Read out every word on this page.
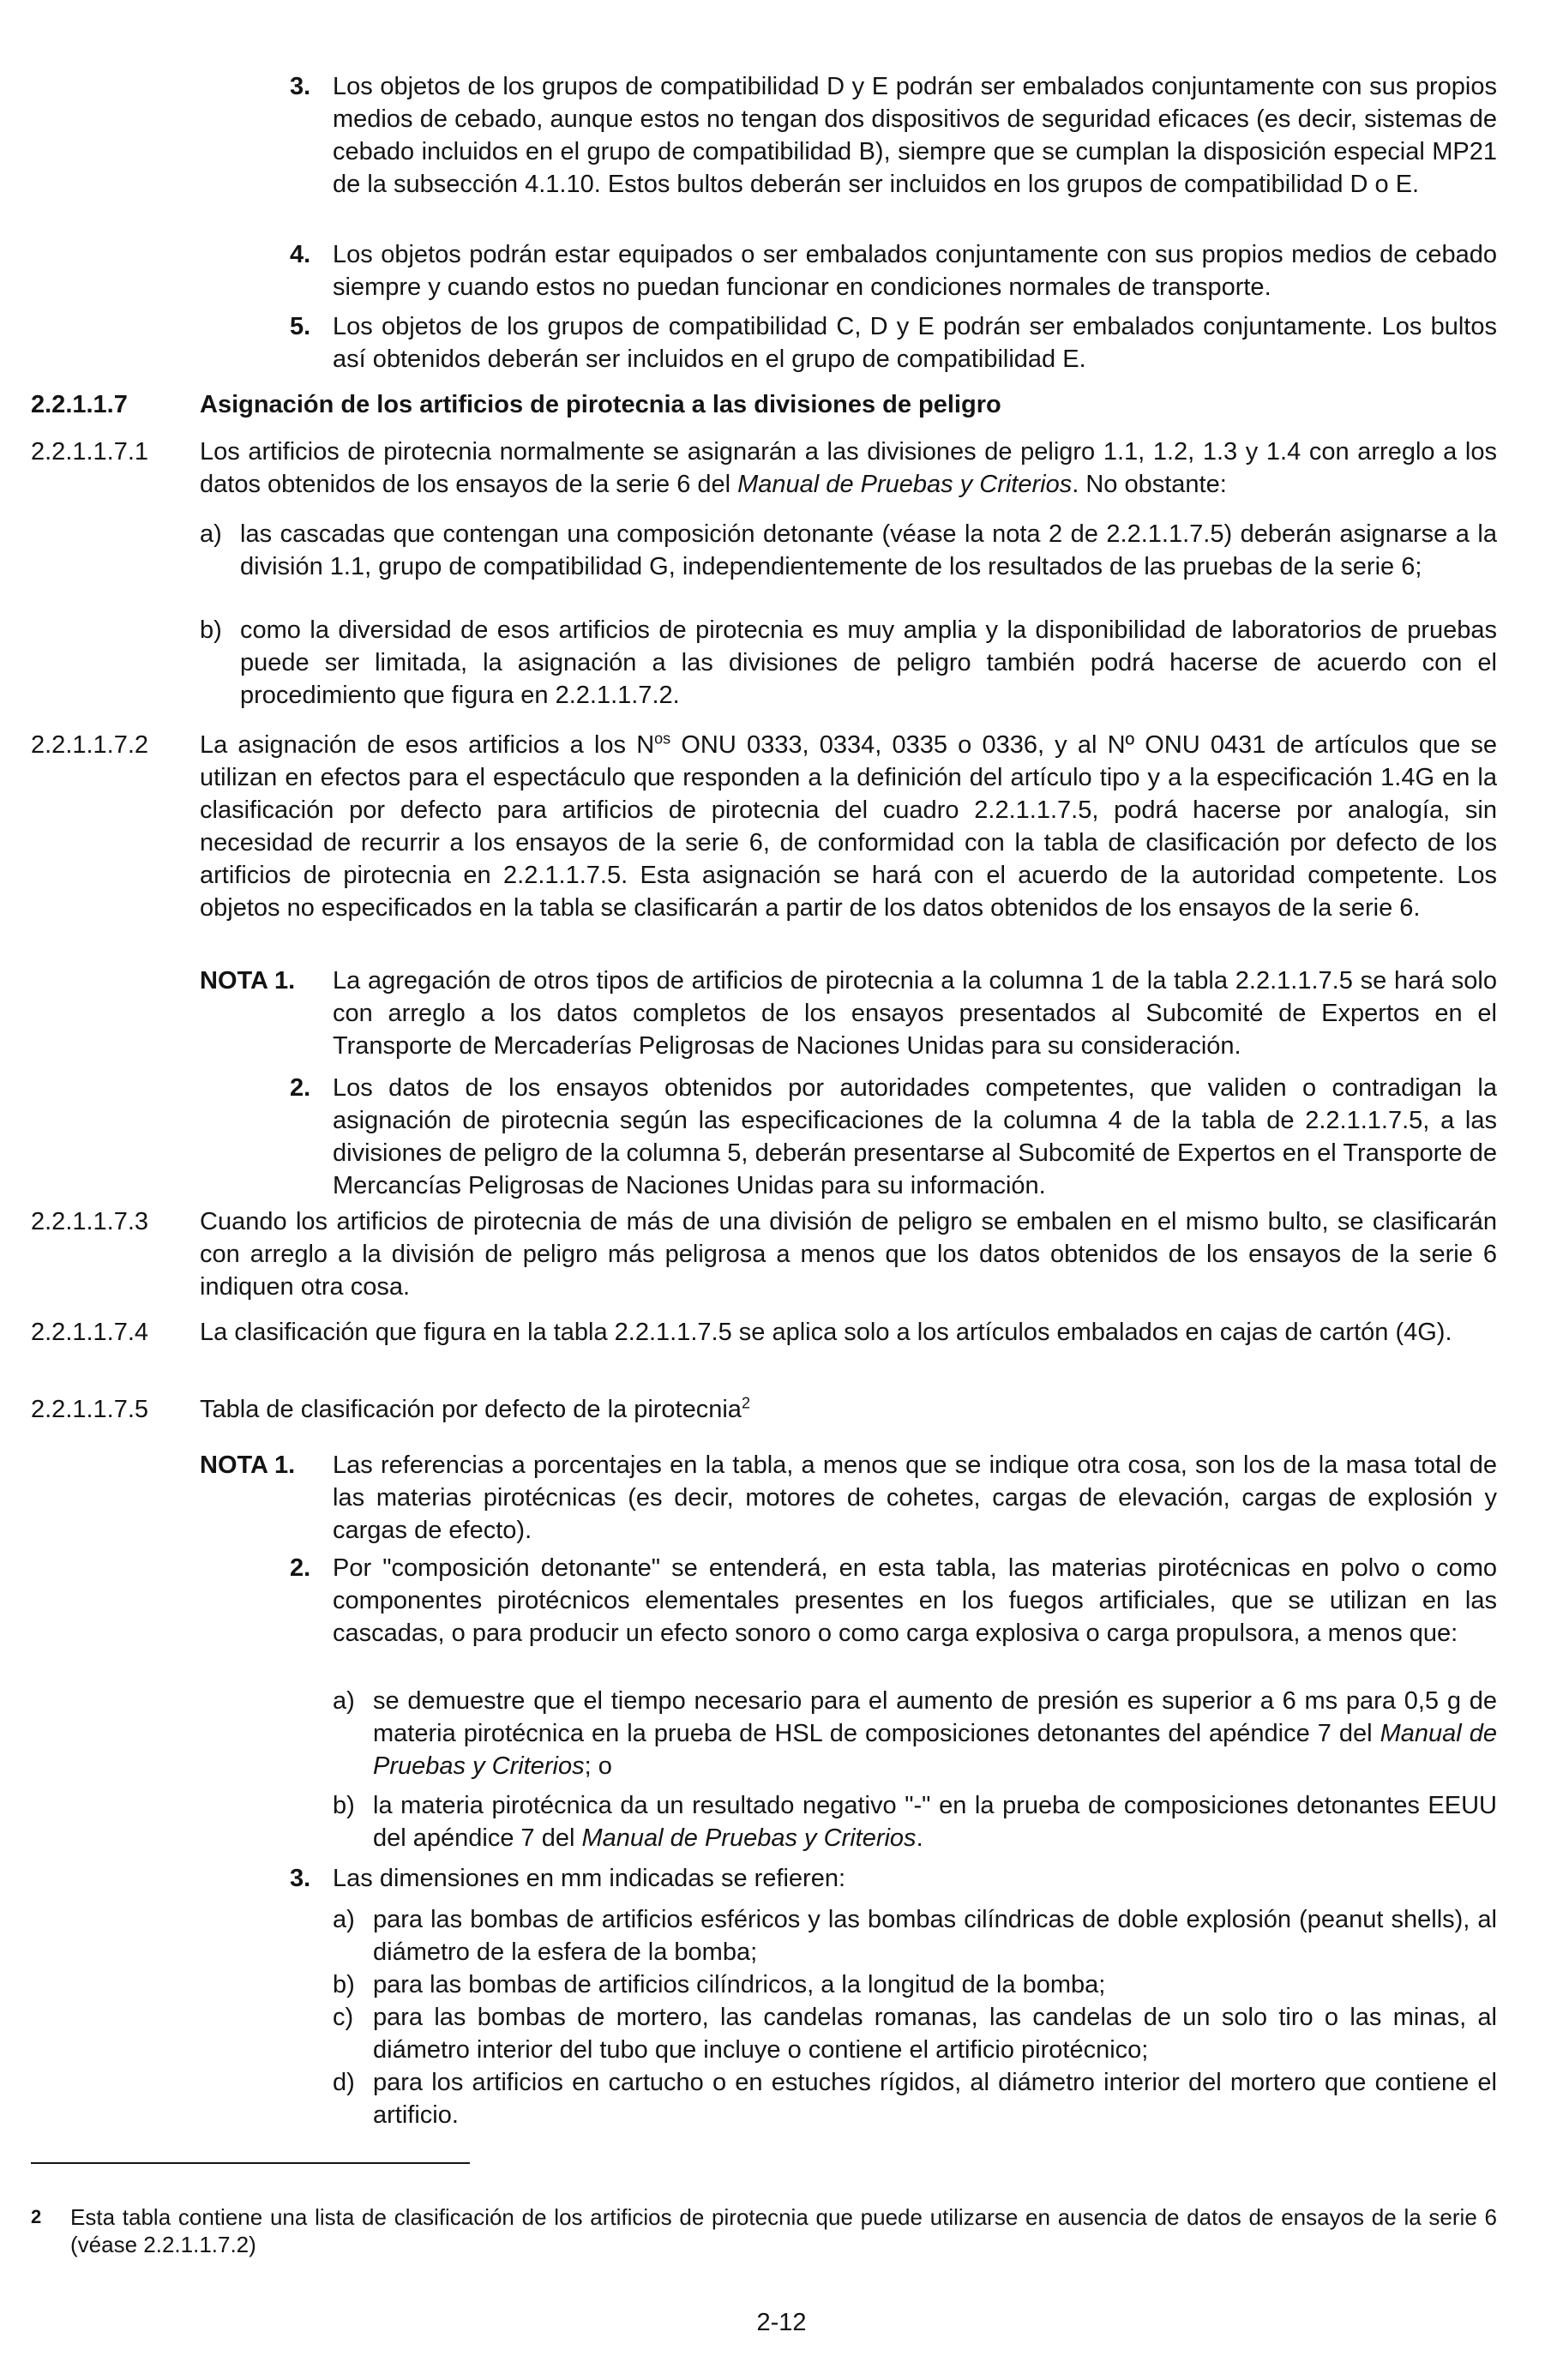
3. Los objetos de los grupos de compatibilidad D y E podrán ser embalados conjuntamente con sus propios medios de cebado, aunque estos no tengan dos dispositivos de seguridad eficaces (es decir, sistemas de cebado incluidos en el grupo de compatibilidad B), siempre que se cumplan la disposición especial MP21 de la subsección 4.1.10. Estos bultos deberán ser incluidos en los grupos de compatibilidad D o E.

4. Los objetos podrán estar equipados o ser embalados conjuntamente con sus propios medios de cebado siempre y cuando estos no puedan funcionar en condiciones normales de transporte.

5. Los objetos de los grupos de compatibilidad C, D y E podrán ser embalados conjuntamente. Los bultos así obtenidos deberán ser incluidos en el grupo de compatibilidad E.

2.2.1.1.7	Asignación de los artificios de pirotecnia a las divisiones de peligro
2.2.1.1.7.1 Los artificios de pirotecnia normalmente se asignarán a las divisiones de peligro 1.1, 1.2, 1.3 y 1.4 con arreglo a los datos obtenidos de los ensayos de la serie 6 del Manual de Pruebas y Criterios. No obstante:

a) las cascadas que contengan una composición detonante (véase la nota 2 de 2.2.1.1.7.5) deberán asignarse a la división 1.1, grupo de compatibilidad G, independientemente de los resultados de las pruebas de la serie 6;

b) como la diversidad de esos artificios de pirotecnia es muy amplia y la disponibilidad de laboratorios de pruebas puede ser limitada, la asignación a las divisiones de peligro también podrá hacerse de acuerdo con el procedimiento que figura en 2.2.1.1.7.2.

2.2.1.1.7.2 La asignación de esos artificios a los $N^{os}$ ONU 0333, 0334, 0335 o 0336, y al Nº ONU 0431 de artículos que se utilizan en efectos para el espectáculo que responden a la definición del artículo tipo y a la especificación 1.4G en la clasificación por defecto para artificios de pirotecnia del cuadro 2.2.1.1.7.5, podrá hacerse por analogía, sin necesidad de recurrir a los ensayos de la serie 6, de conformidad con la tabla de clasificación por defecto de los artificios de pirotecnia en 2.2.1.1.7.5. Esta asignación se hará con el acuerdo de la autoridad competente. Los objetos no especificados en la tabla se clasificarán a partir de los datos obtenidos de los ensayos de la serie 6.

NOTA 1. La agregación de otros tipos de artificios de pirotecnia a la columna 1 de la tabla 2.2.1.1.7.5 se hará solo con arreglo a los datos completos de los ensayos presentados al Subcomité de Expertos en el Transporte de Mercaderías Peligrosas de Naciones Unidas para su consideración.

2. Los datos de los ensayos obtenidos por autoridades competentes, que validen o contradigan la asignación de pirotecnia según las especificaciones de la columna 4 de la tabla de 2.2.1.1.7.5, a las divisiones de peligro de la columna 5, deberán presentarse al Subcomité de Expertos en el Transporte de Mercancías Peligrosas de Naciones Unidas para su información.

2.2.1.1.7.3 Cuando los artificios de pirotecnia de más de una división de peligro se embalen en el mismo bulto, se clasificarán con arreglo a la división de peligro más peligrosa a menos que los datos obtenidos de los ensayos de la serie 6 indiquen otra cosa.

2.2.1.1.7.4 La clasificación que figura en la tabla 2.2.1.1.7.5 se aplica solo a los artículos embalados en cajas de cartón (4G).

2.2.1.1.7.5 Tabla de clasificación por defecto de la pirotecnia$^2$

NOTA 1. Las referencias a porcentajes en la tabla, a menos que se indique otra cosa, son los de la masa total de las materias pirotécnicas (es decir, motores de cohetes, cargas de elevación, cargas de explosión y cargas de efecto).

2. Por "composición detonante" se entenderá, en esta tabla, las materias pirotécnicas en polvo o como componentes pirotécnicos elementales presentes en los fuegos artificiales, que se utilizan en las cascadas, o para producir un efecto sonoro o como carga explosiva o carga propulsora, a menos que:

a) se demuestre que el tiempo necesario para el aumento de presión es superior a 6 ms para 0,5 g de materia pirotécnica en la prueba de HSL de composiciones detonantes del apéndice 7 del Manual de Pruebas y Criterios; o

b) la materia pirotécnica da un resultado negativo "-" en la prueba de composiciones detonantes EEUU del apéndice 7 del Manual de Pruebas y Criterios.

3. Las dimensiones en mm indicadas se refieren:

a) para las bombas de artificios esféricos y las bombas cilíndricas de doble explosión (peanut shells), al diámetro de la esfera de la bomba;

b) para las bombas de artificios cilíndricos, a la longitud de la bomba;

c) para las bombas de mortero, las candelas romanas, las candelas de un solo tiro o las minas, al diámetro interior del tubo que incluye o contiene el artificio pirotécnico;

d) para los artificios en cartucho o en estuches rígidos, al diámetro interior del mortero que contiene el artificio.

2 Esta tabla contiene una lista de clasificación de los artificios de pirotecnia que puede utilizarse en ausencia de datos de ensayos de la serie 6 (véase 2.2.1.1.7.2)

2-12
